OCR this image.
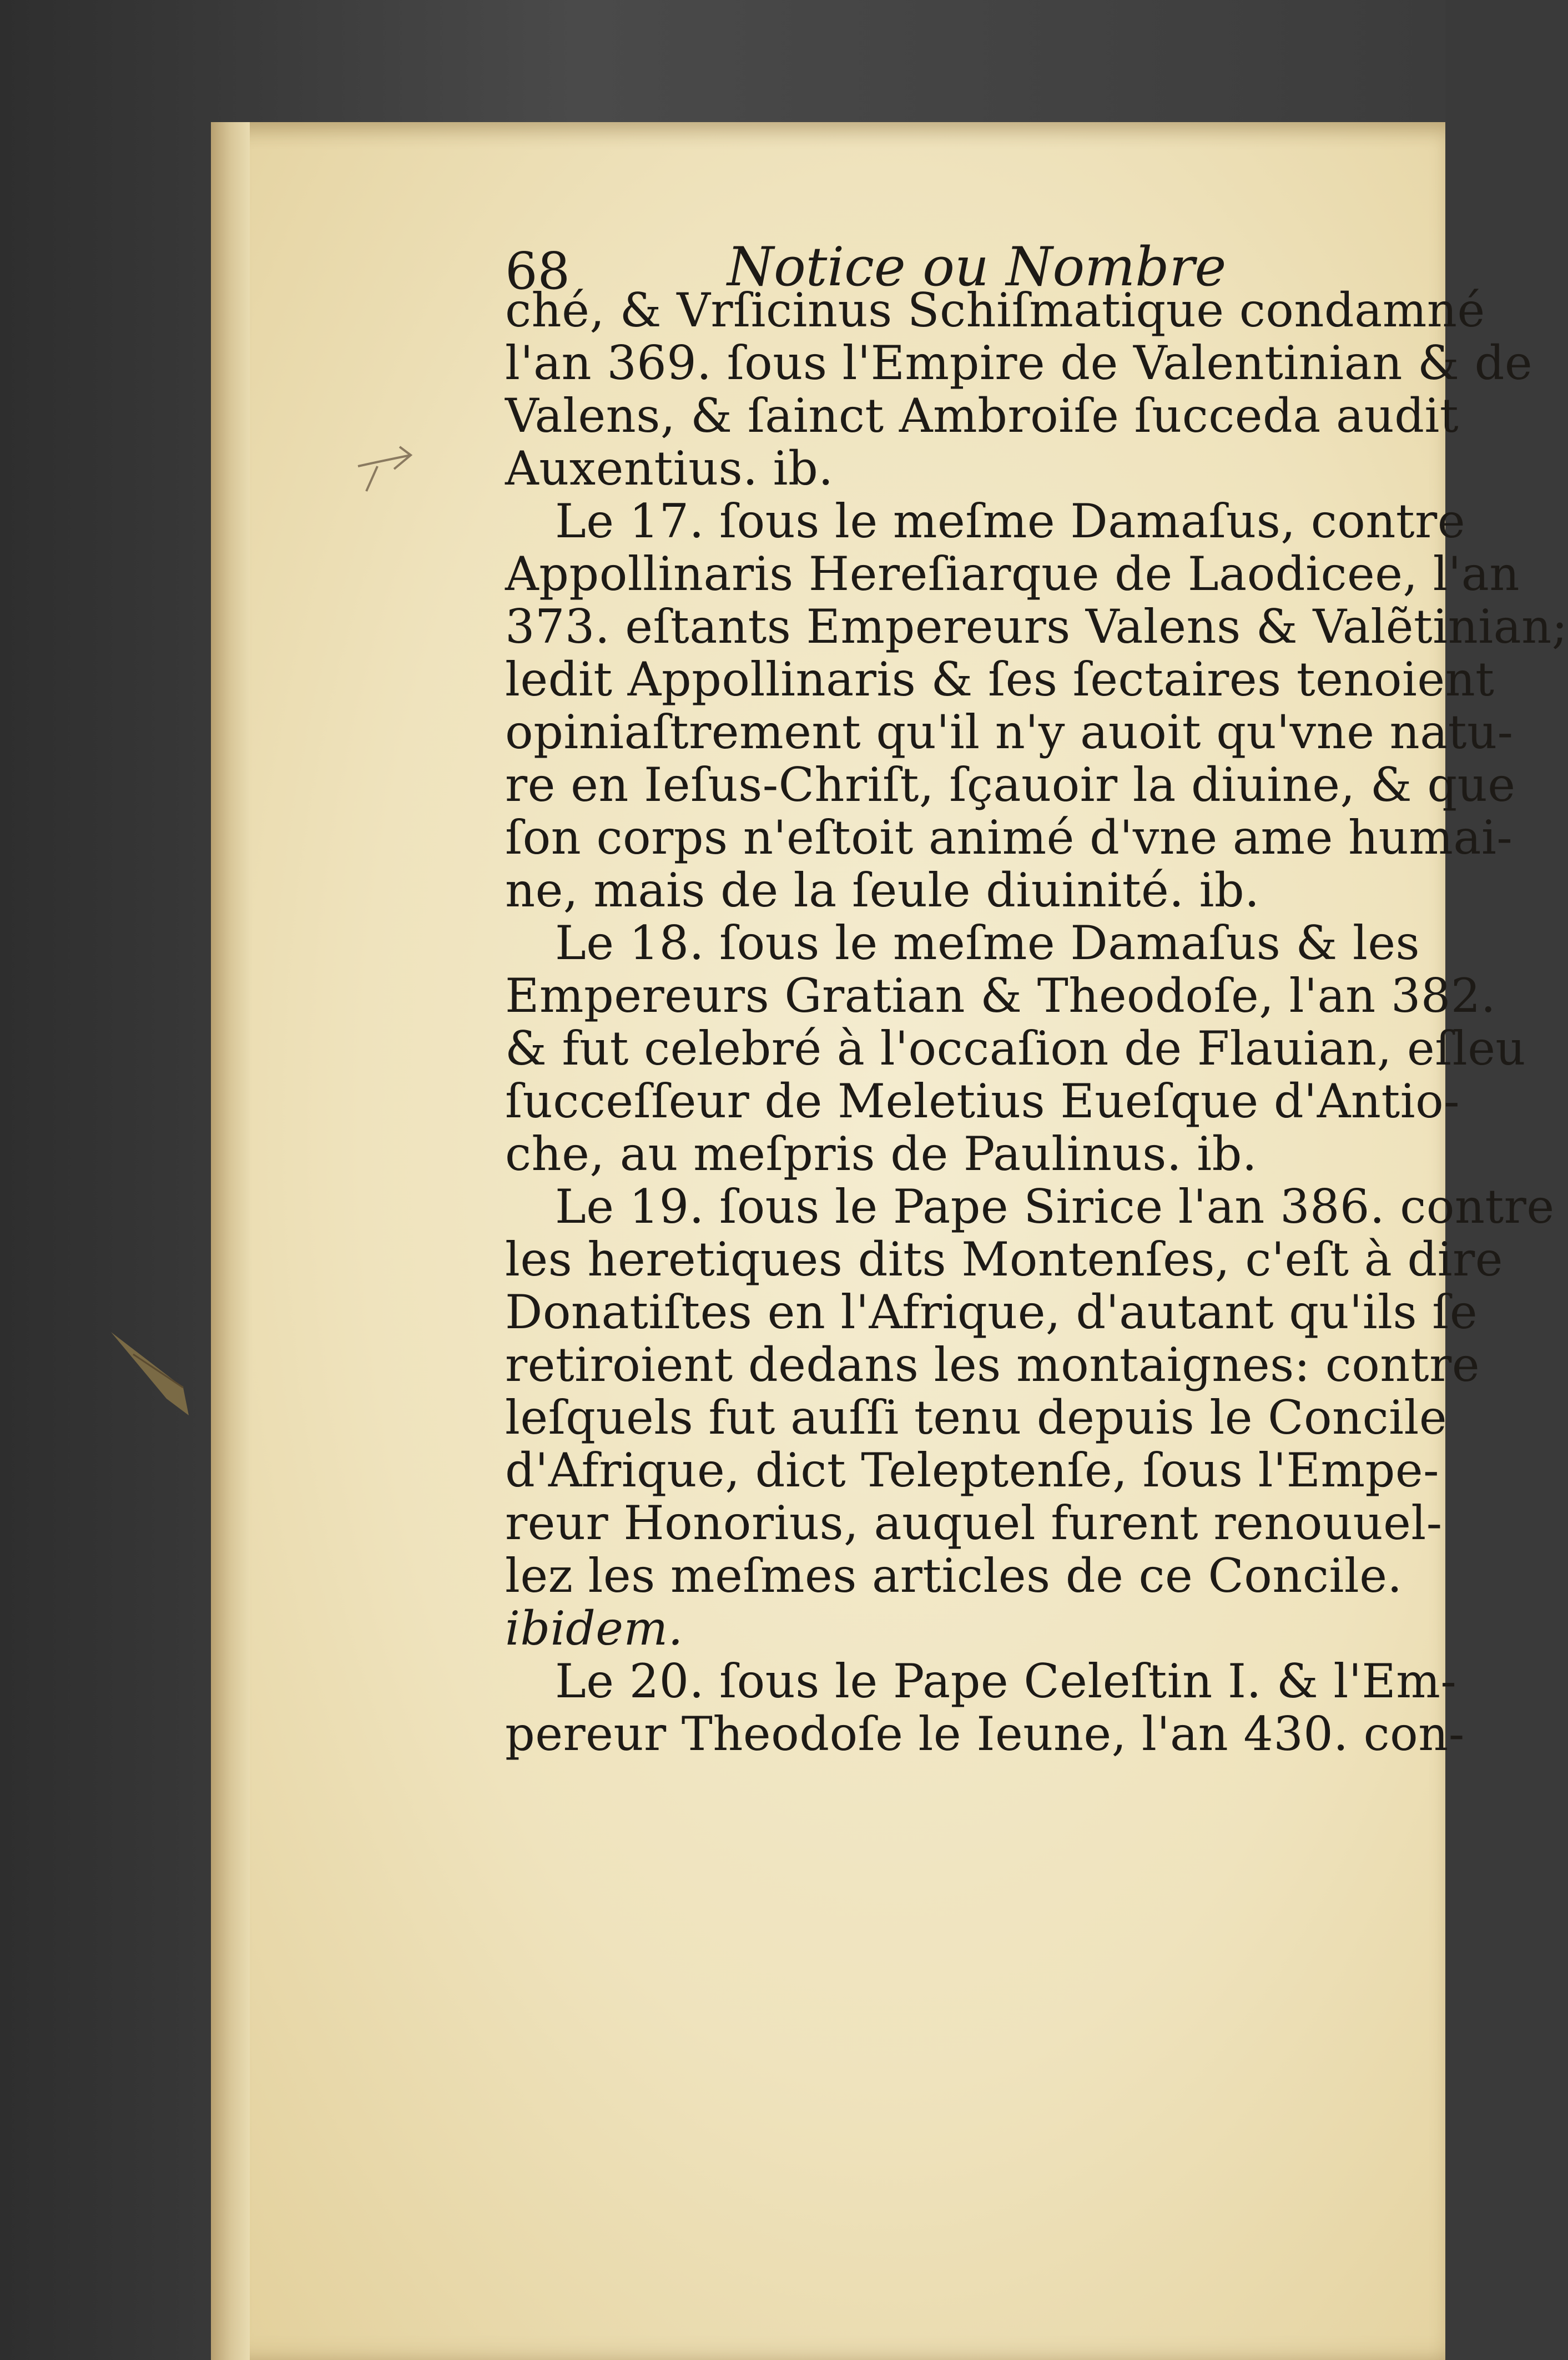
68	Notice ou Nombre
ché, & Vrſicinus Schiſmatique condamné
l'an 369. ſous l'Empire de Valentinian & de
Valens, & ſainct Ambroiſe ſucceda audit
Auxentius. ib.
Le 17. ſous le meſme Damaſus, contre
Appollinaris Hereſiarque de Laodicee, l'an
373. eſtants Empereurs Valens & Valẽtinian;
ledit Appollinaris & ſes ſectaires tenoient
opiniaſtrement qu'il n'y auoit qu'vne natu-
re en Ieſus-Chriſt, ſçauoir la diuine, & que
ſon corps n'eſtoit animé d'vne ame humai-
ne, mais de la ſeule diuinité. ib.
Le 18. ſous le meſme Damaſus & les
Empereurs Gratian & Theodoſe, l'an 382.
& fut celebré à l'occaſion de Flauian, eſleu
ſucceſſeur de Meletius Eueſque d'Antio-
che, au meſpris de Paulinus. ib.
Le 19. ſous le Pape Sirice l'an 386. contre
les heretiques dits Montenſes, c'eſt à dire
Donatiſtes en l'Afrique, d'autant qu'ils ſe
retiroient dedans les montaignes: contre
leſquels fut auſſi tenu depuis le Concile
d'Afrique, dict Teleptenſe, ſous l'Empe-
reur Honorius, auquel furent renouuel-
lez les meſmes articles de ce Concile.
ibidem.
Le 20. ſous le Pape Celeſtin I. & l'Em-
pereur Theodoſe le Ieune, l'an 430. con-
